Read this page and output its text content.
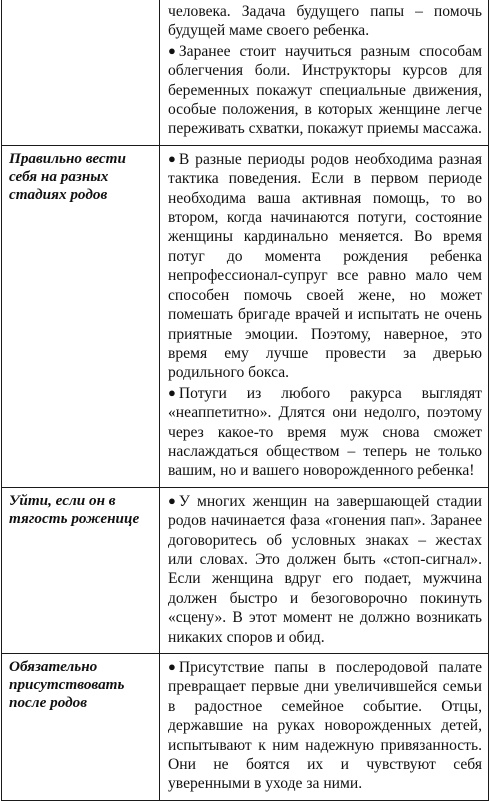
	человека. Задача будущего папы – помочь будущей маме своего ребенка.

● Заранее стоит научиться разным способам облегчения боли. Инструкторы курсов для беременных покажут специальные движения, особые положения, в которых женщине легче переживать схватки, покажут приемы массажа.

Правильно вести себя на разных стадиях родов	● В разные периоды родов необходима разная тактика поведения. Если в первом периоде необходима ваша активная помощь, то во втором, когда начинаются потуги, состояние женщины кардинально меняется. Во время потуг до момента рождения ребенка непрофессионал-супруг все равно мало чем способен помочь своей жене, но может помешать бригаде врачей и испытать не очень приятные эмоции. Поэтому, наверное, это время ему лучше провести за дверью родильного бокса.

● Потуги из любого ракурса выглядят «неаппетитно». Длятся они недолго, поэтому через какое-то время муж снова сможет наслаждаться обществом – теперь не только вашим, но и вашего новорожденного ребенка!

Уйти, если он в тягость роженице	● У многих женщин на завершающей стадии родов начинается фаза «гонения пап». Заранее договоритесь об условных знаках – жестах или словах. Это должен быть «стоп-сигнал». Если женщина вдруг его подает, мужчина должен быстро и безоговорочно покинуть «сцену». В этот момент не должно возникать никаких споров и обид.

Обязательно присутствовать после родов	● Присутствие папы в послеродовой палате превращает первые дни увеличившейся семьи в радостное семейное событие. Отцы, державшие на руках новорожденных детей, испытывают к ним надежную привязанность. Они не боятся их и чувствуют себя уверенными в уходе за ними.
